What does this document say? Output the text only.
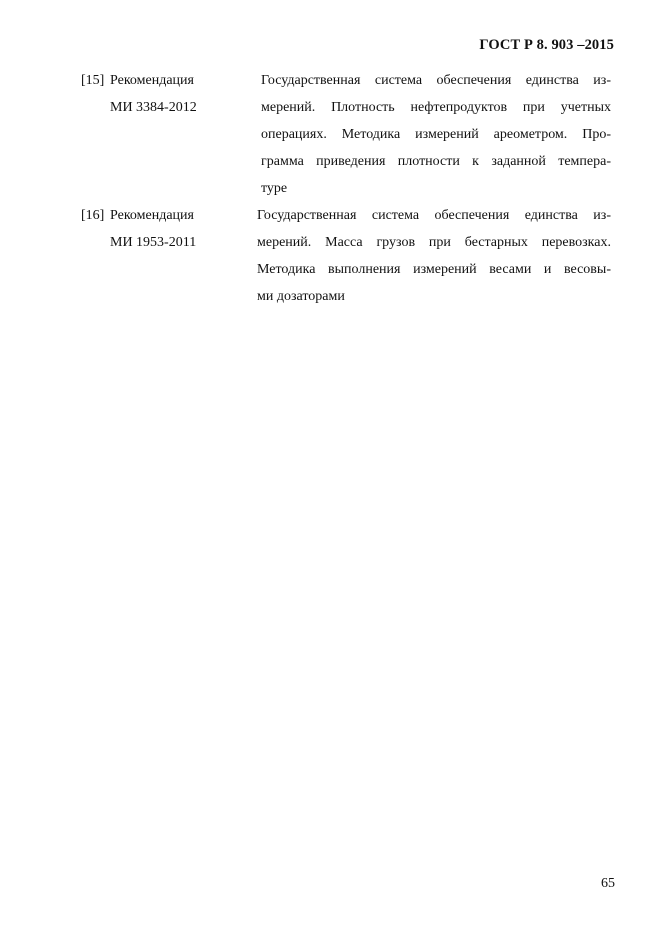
ГОСТ Р 8. 903 –2015
[15] Рекомендация
МИ 3384-2012
Государственная система обеспечения единства из-
мерений. Плотность нефтепродуктов при учетных
операциях. Методика измерений ареометром. Про-
грамма приведения плотности к заданной темпера-
туре
[16] Рекомендация
МИ 1953-2011
Государственная система обеспечения единства из-
мерений. Масса грузов при бестарных перевозках.
Методика выполнения измерений весами и весовы-
ми дозаторами
65
